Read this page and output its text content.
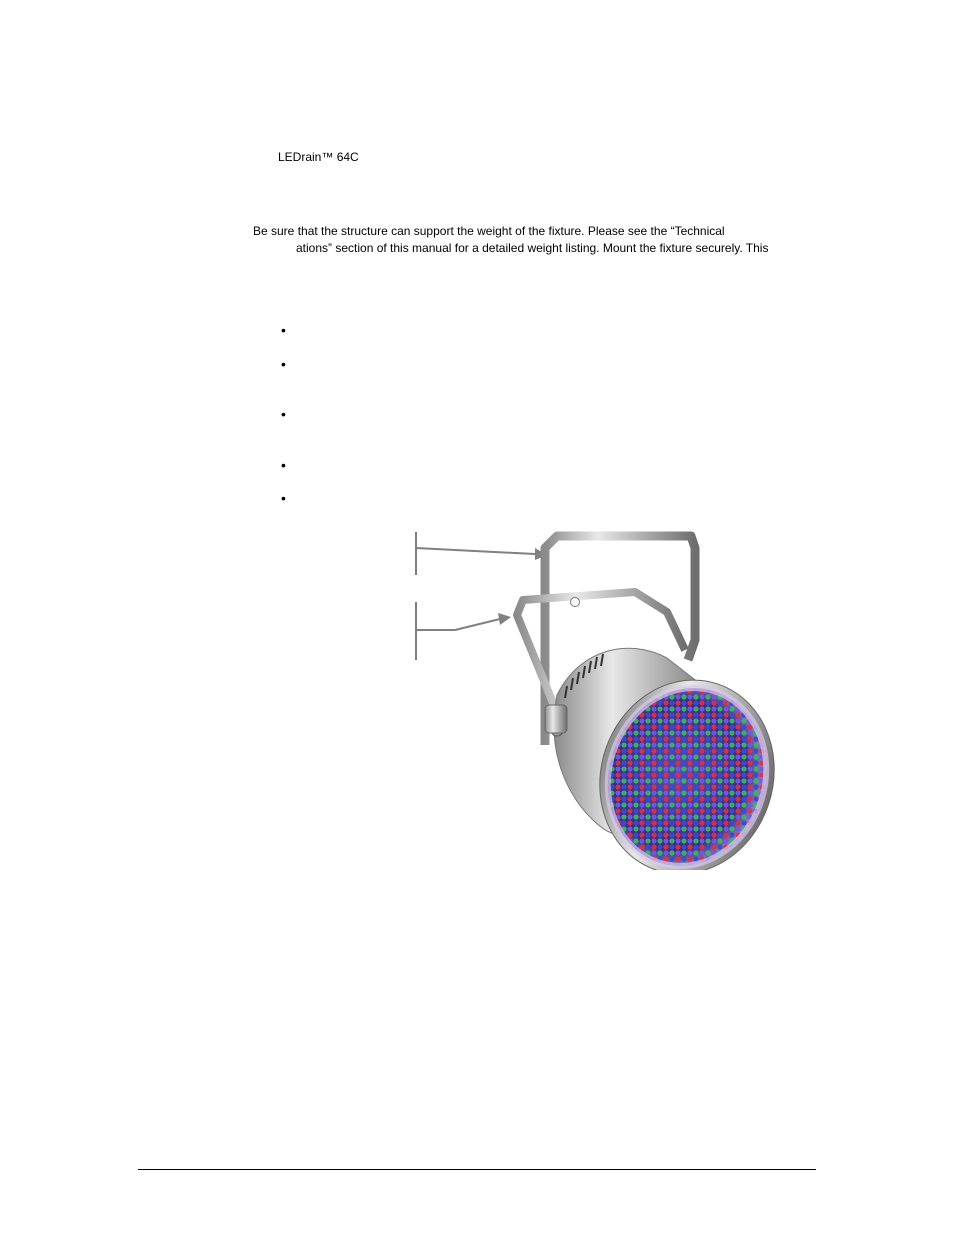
LEDrain™ 64C
Be sure that the structure can support the weight of the fixture. Please see the “Technical
ations” section of this manual for a detailed weight listing. Mount the fixture securely. This
•
•
•
•
•
